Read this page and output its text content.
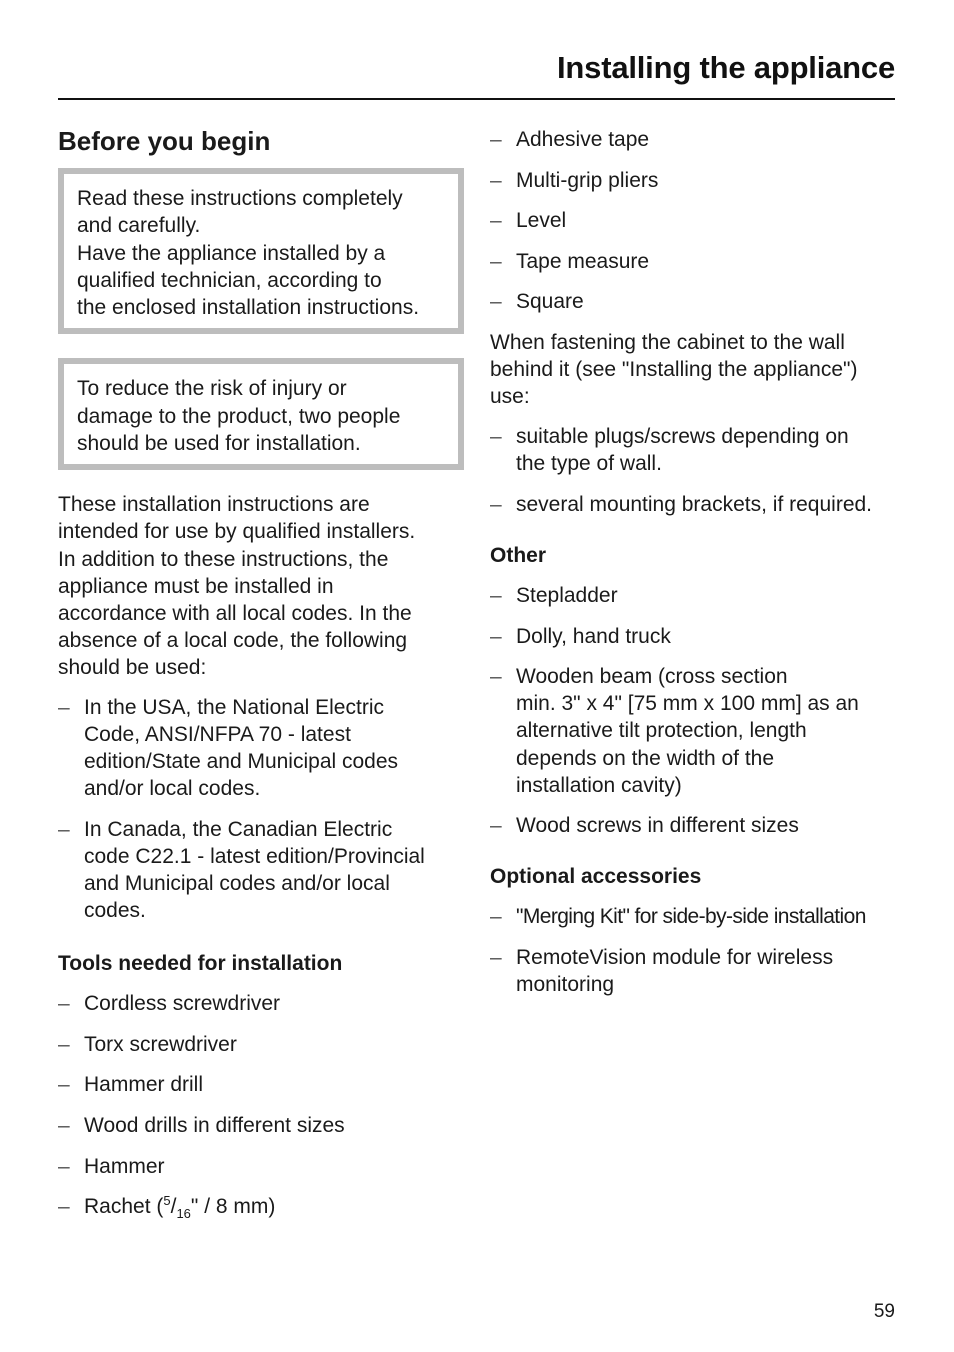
Installing the appliance
Before you begin
Read these instructions completely
and carefully.
Have the appliance installed by a
qualified technician, according to
the enclosed installation instructions.
To reduce the risk of injury or
damage to the product, two people
should be used for installation.
These installation instructions are
intended for use by qualified installers.
In addition to these instructions, the
appliance must be installed in
accordance with all local codes. In the
absence of a local code, the following
should be used:
– In the USA, the National Electric
Code, ANSI/NFPA 70 - latest
edition/State and Municipal codes
and/or local codes.
– In Canada, the Canadian Electric
code C22.1 - latest edition/Provincial
and Municipal codes and/or local
codes.
Tools needed for installation
– Cordless screwdriver
– Torx screwdriver
– Hammer drill
– Wood drills in different sizes
– Hammer
– Rachet ($^5/_{16}$" / 8 mm)
– Adhesive tape
– Multi-grip pliers
– Level
– Tape measure
– Square
When fastening the cabinet to the wall
behind it (see "Installing the appliance")
use:
– suitable plugs/screws depending on
the type of wall.
– several mounting brackets, if required.
Other
– Stepladder
– Dolly, hand truck
– Wooden beam (cross section
min. 3" x 4" [75 mm x 100 mm] as an
alternative tilt protection, length
depends on the width of the
installation cavity)
– Wood screws in different sizes
Optional accessories
– "Merging Kit" for side-by-side installation
– RemoteVision module for wireless
monitoring
59
